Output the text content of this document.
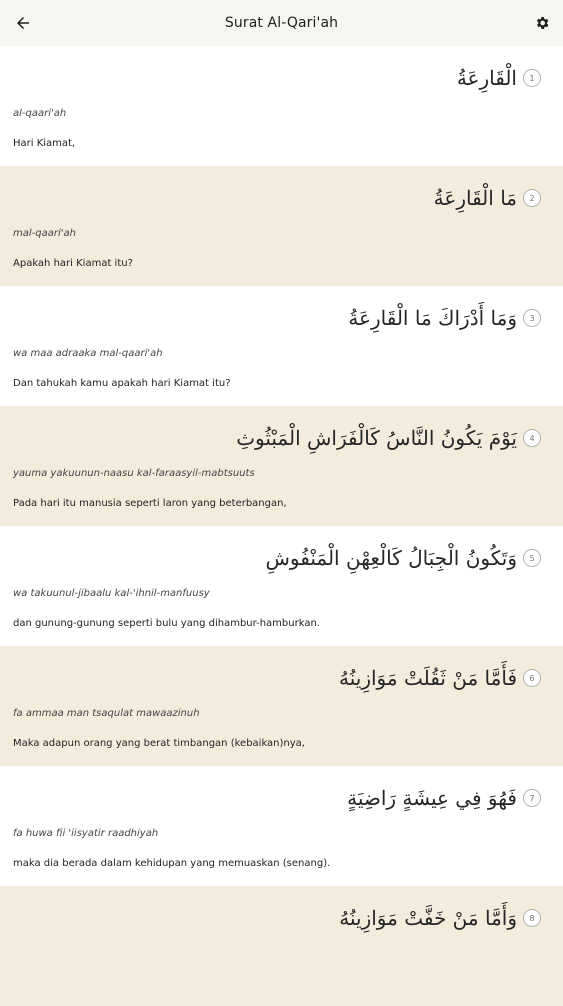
Surat Al-Qari'ah
الْقَارِعَةُ	1
al-qaari'ah
Hari Kiamat,
مَا الْقَارِعَةُ	2
mal-qaari'ah
Apakah hari Kiamat itu?
وَمَا أَدْرَاكَ مَا الْقَارِعَةُ	3
wa maa adraaka mal-qaari'ah
Dan tahukah kamu apakah hari Kiamat itu?
يَوْمَ يَكُونُ النَّاسُ كَالْفَرَاشِ الْمَبْثُوثِ	4
yauma yakuunun-naasu kal-faraasyil-mabtsuuts
Pada hari itu manusia seperti laron yang beterbangan,
وَتَكُونُ الْجِبَالُ كَالْعِهْنِ الْمَنْفُوشِ	5
wa takuunul-jibaalu kal-'ihnil-manfuusy
dan gunung-gunung seperti bulu yang dihambur-hamburkan.
فَأَمَّا مَنْ ثَقُلَتْ مَوَازِينُهُ	6
fa ammaa man tsaqulat mawaazinuh
Maka adapun orang yang berat timbangan (kebaikan)nya,
فَهُوَ فِي عِيشَةٍ رَاضِيَةٍ	7
fa huwa fii 'iisyatir raadhiyah
maka dia berada dalam kehidupan yang memuaskan (senang).
وَأَمَّا مَنْ خَفَّتْ مَوَازِينُهُ	8
